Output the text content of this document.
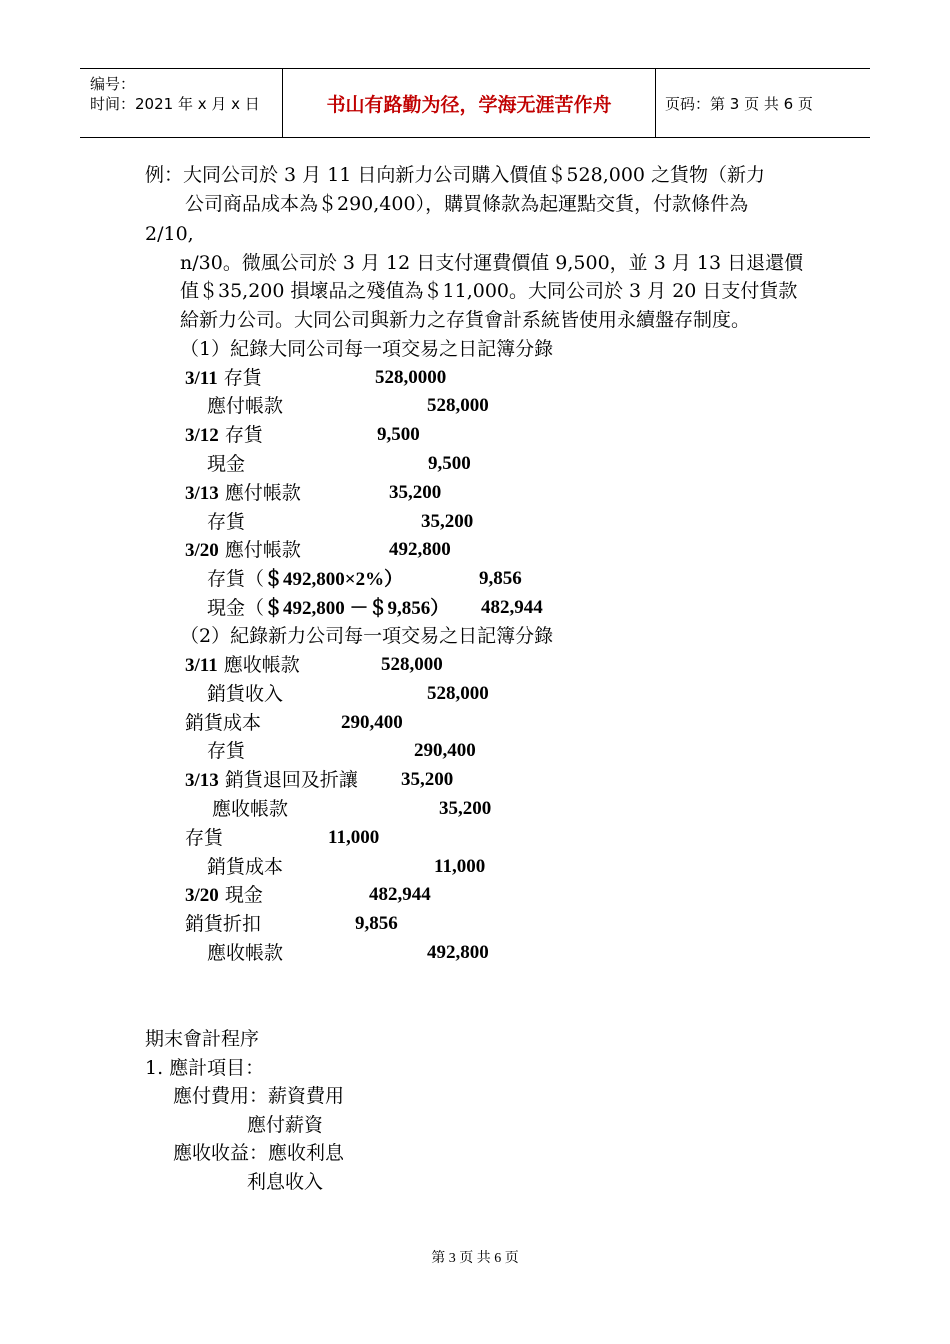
编号：
时间：2021 年 x 月 x 日	书山有路勤为径，学海无涯苦作舟	页码：第 3 页 共 6 页
例：大同公司於 3 月 11 日向新力公司購入價值＄528,000 之貨物（新力
公司商品成本為＄290,400），購買條款為起運點交貨，付款條件為
2/10,
n/30。微風公司於 3 月 12 日支付運費價值 9,500，並 3 月 13 日退還價
值＄35,200 損壞品之殘值為＄11,000。大同公司於 3 月 20 日支付貨款
給新力公司。大同公司與新力之存貨會計系統皆使用永續盤存制度。
（1）紀錄大同公司每一項交易之日記簿分錄
3/11 存貨	528,0000
應付帳款	528,000
3/12 存貨	9,500
現金	9,500
3/13 應付帳款	35,200
存貨	35,200
3/20 應付帳款	492,800
存貨（＄492,800×2%）	9,856
現金（＄492,800 －＄9,856） 482,944
（2）紀錄新力公司每一項交易之日記簿分錄
3/11 應收帳款	528,000
銷貨收入	528,000
銷貨成本	290,400
存貨	290,400
3/13 銷貨退回及折讓 35,200
應收帳款	35,200
存貨	11,000
銷貨成本	11,000
3/20 現金	482,944
銷貨折扣	9,856
應收帳款	492,800
期末會計程序
1. 應計項目：
應付費用：薪資費用
應付薪資
應收收益：應收利息
利息收入
第 3 页 共 6 页
